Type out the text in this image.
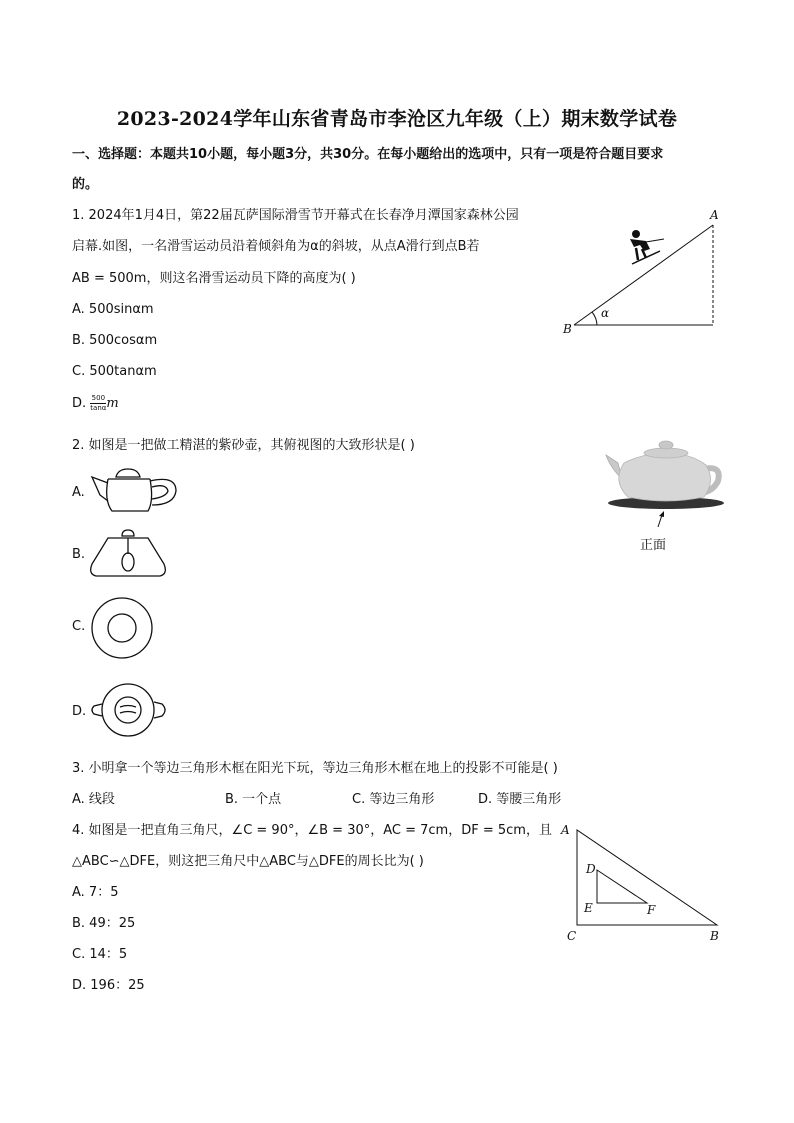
2023-2024学年山东省青岛市李沧区九年级（上）期末数学试卷
一、选择题：本题共10小题，每小题3分，共30分。在每小题给出的选项中，只有一项是符合题目要求
的。
1. 2024年1月4日，第22届瓦萨国际滑雪节开幕式在长春净月潭国家森林公园
启幕.如图，一名滑雪运动员沿着倾斜角为α的斜坡，从点A滑行到点B若
AB = 500m，则这名滑雪运动员下降的高度为( )
A. 500sinαm
B. 500cosαm
C. 500tanαm
D. $\frac{500}{\tan\alpha}$ m
A
B
α
2. 如图是一把做工精湛的紫砂壶，其俯视图的大致形状是( )
A.
B.
C.
D.
正面
3. 小明拿一个等边三角形木框在阳光下玩，等边三角形木框在地上的投影不可能是( )
A. 线段	B. 一个点	C. 等边三角形	D. 等腰三角形
4. 如图是一把直角三角尺，∠C = 90°，∠B = 30°，AC = 7cm，DF = 5cm，且
△ABC∽△DFE，则这把三角尺中△ABC与△DFE的周长比为( )
A. 7：5
B. 49：25
C. 14：5
D. 196：25
A
C	B
D
E	F
